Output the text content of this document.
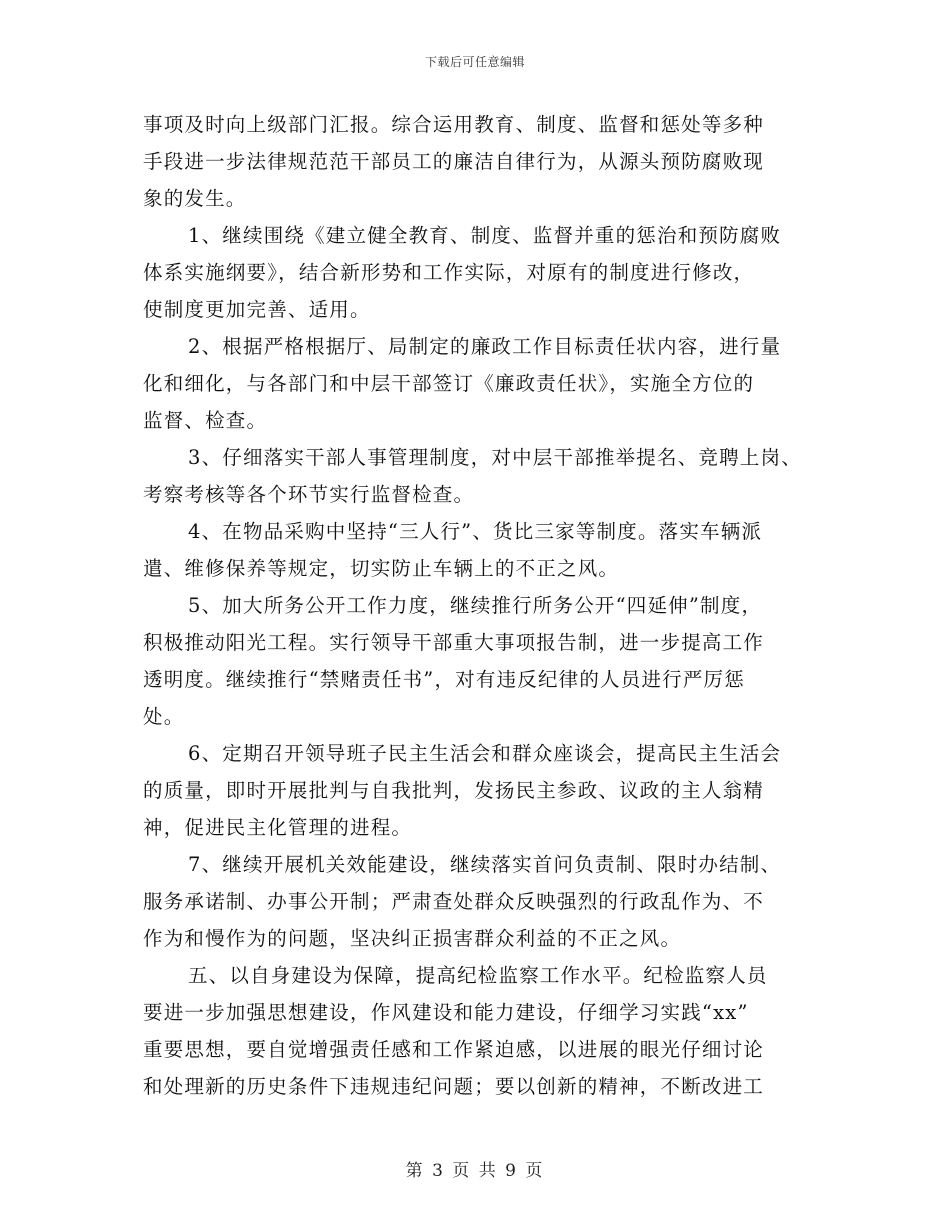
下载后可任意编辑
事项及时向上级部门汇报。综合运用教育、制度、监督和惩处等多种
手段进一步法律规范范干部员工的廉洁自律行为，从源头预防腐败现
象的发生。
1、继续围绕《建立健全教育、制度、监督并重的惩治和预防腐败
体系实施纲要》，结合新形势和工作实际，对原有的制度进行修改，
使制度更加完善、适用。
2、根据严格根据厅、局制定的廉政工作目标责任状内容，进行量
化和细化，与各部门和中层干部签订《廉政责任状》，实施全方位的
监督、检查。
3、仔细落实干部人事管理制度，对中层干部推举提名、竞聘上岗、
考察考核等各个环节实行监督检查。
4、在物品采购中坚持“三人行”、货比三家等制度。落实车辆派
遣、维修保养等规定，切实防止车辆上的不正之风。
5、加大所务公开工作力度，继续推行所务公开“四延伸”制度，
积极推动阳光工程。实行领导干部重大事项报告制，进一步提高工作
透明度。继续推行“禁赌责任书”，对有违反纪律的人员进行严厉惩
处。
6、定期召开领导班子民主生活会和群众座谈会，提高民主生活会
的质量，即时开展批判与自我批判，发扬民主参政、议政的主人翁精
神，促进民主化管理的进程。
7、继续开展机关效能建设，继续落实首问负责制、限时办结制、
服务承诺制、办事公开制；严肃查处群众反映强烈的行政乱作为、不
作为和慢作为的问题，坚决纠正损害群众利益的不正之风。
五、以自身建设为保障，提高纪检监察工作水平。纪检监察人员
要进一步加强思想建设，作风建设和能力建设，仔细学习实践“xx”
重要思想，要自觉增强责任感和工作紧迫感，以进展的眼光仔细讨论
和处理新的历史条件下违规违纪问题；要以创新的精神，不断改进工
第 3 页 共 9 页
